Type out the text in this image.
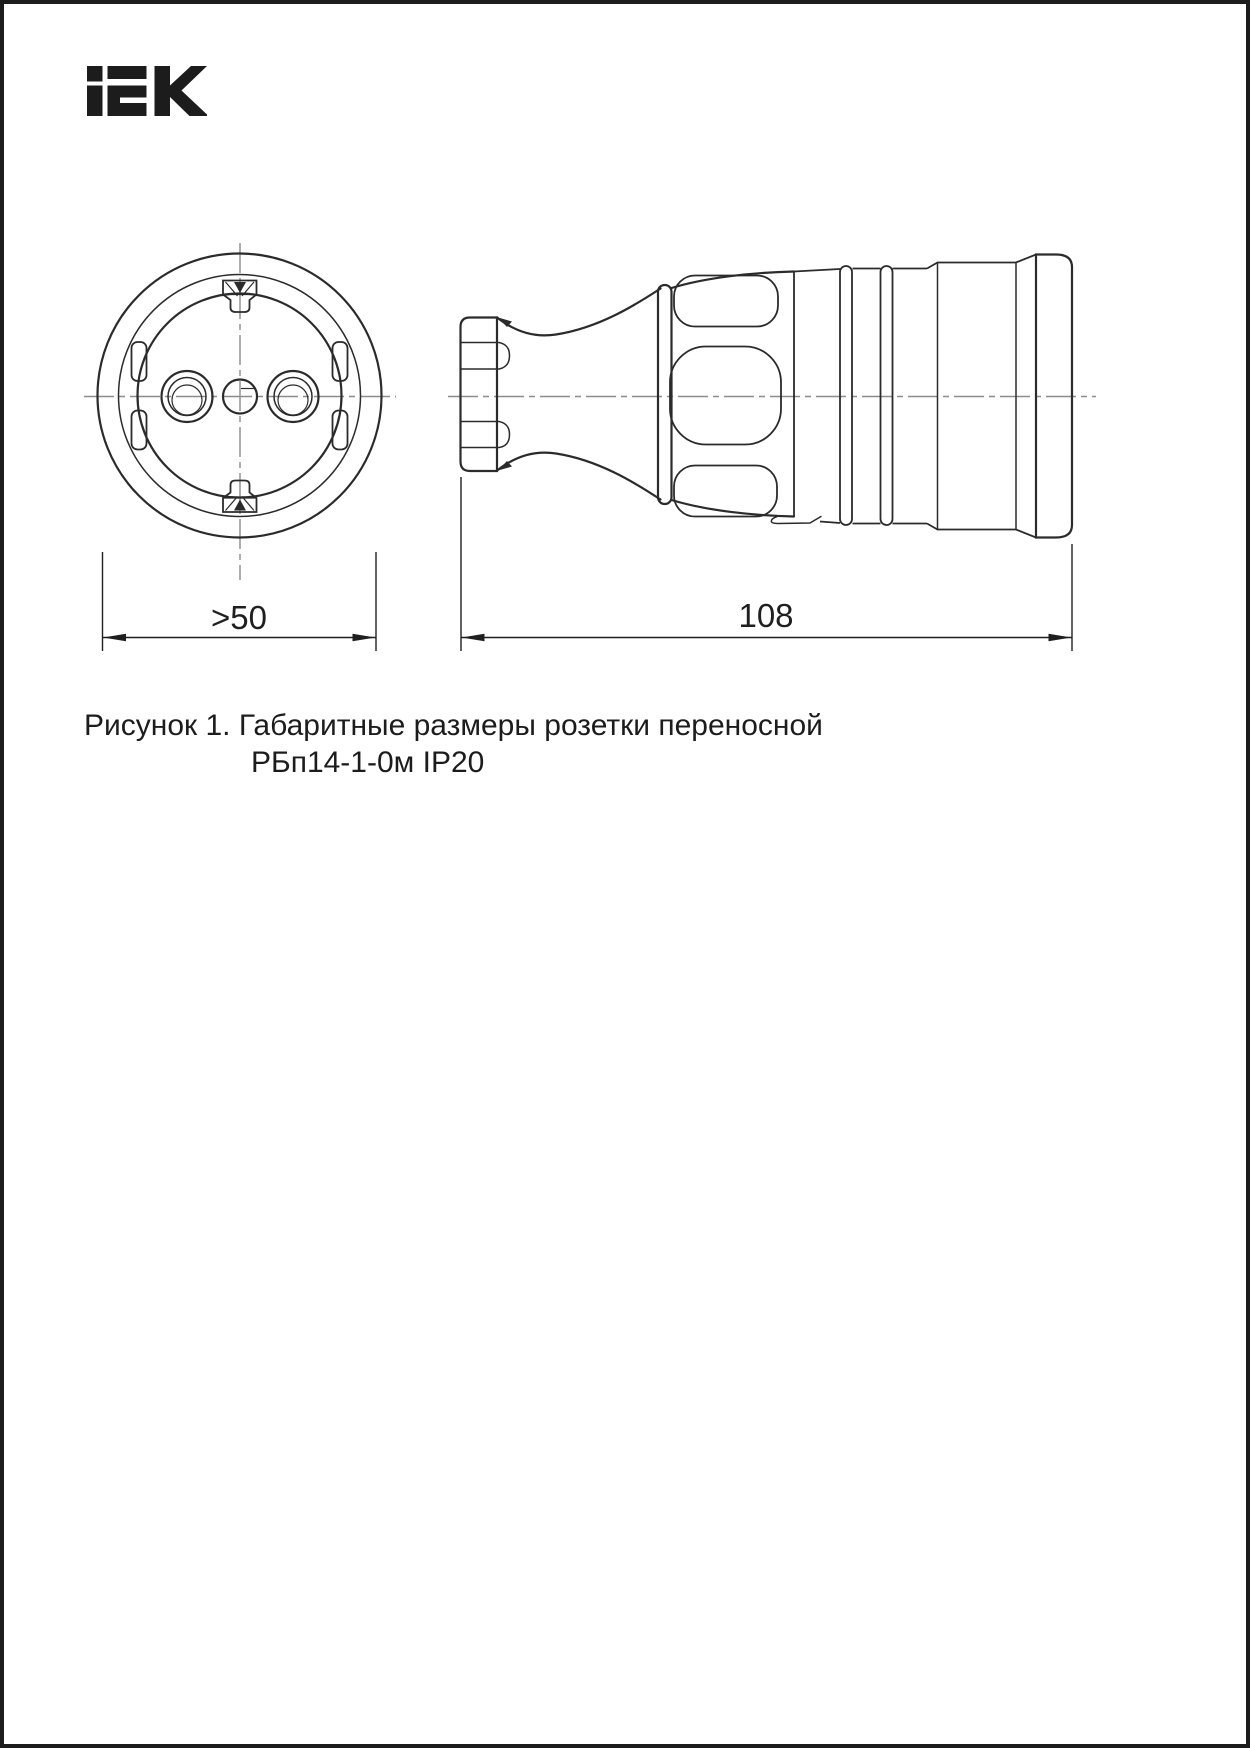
>50	108
Рисунок 1. Габаритные размеры розетки переносной
РБп14-1-0м IP20
